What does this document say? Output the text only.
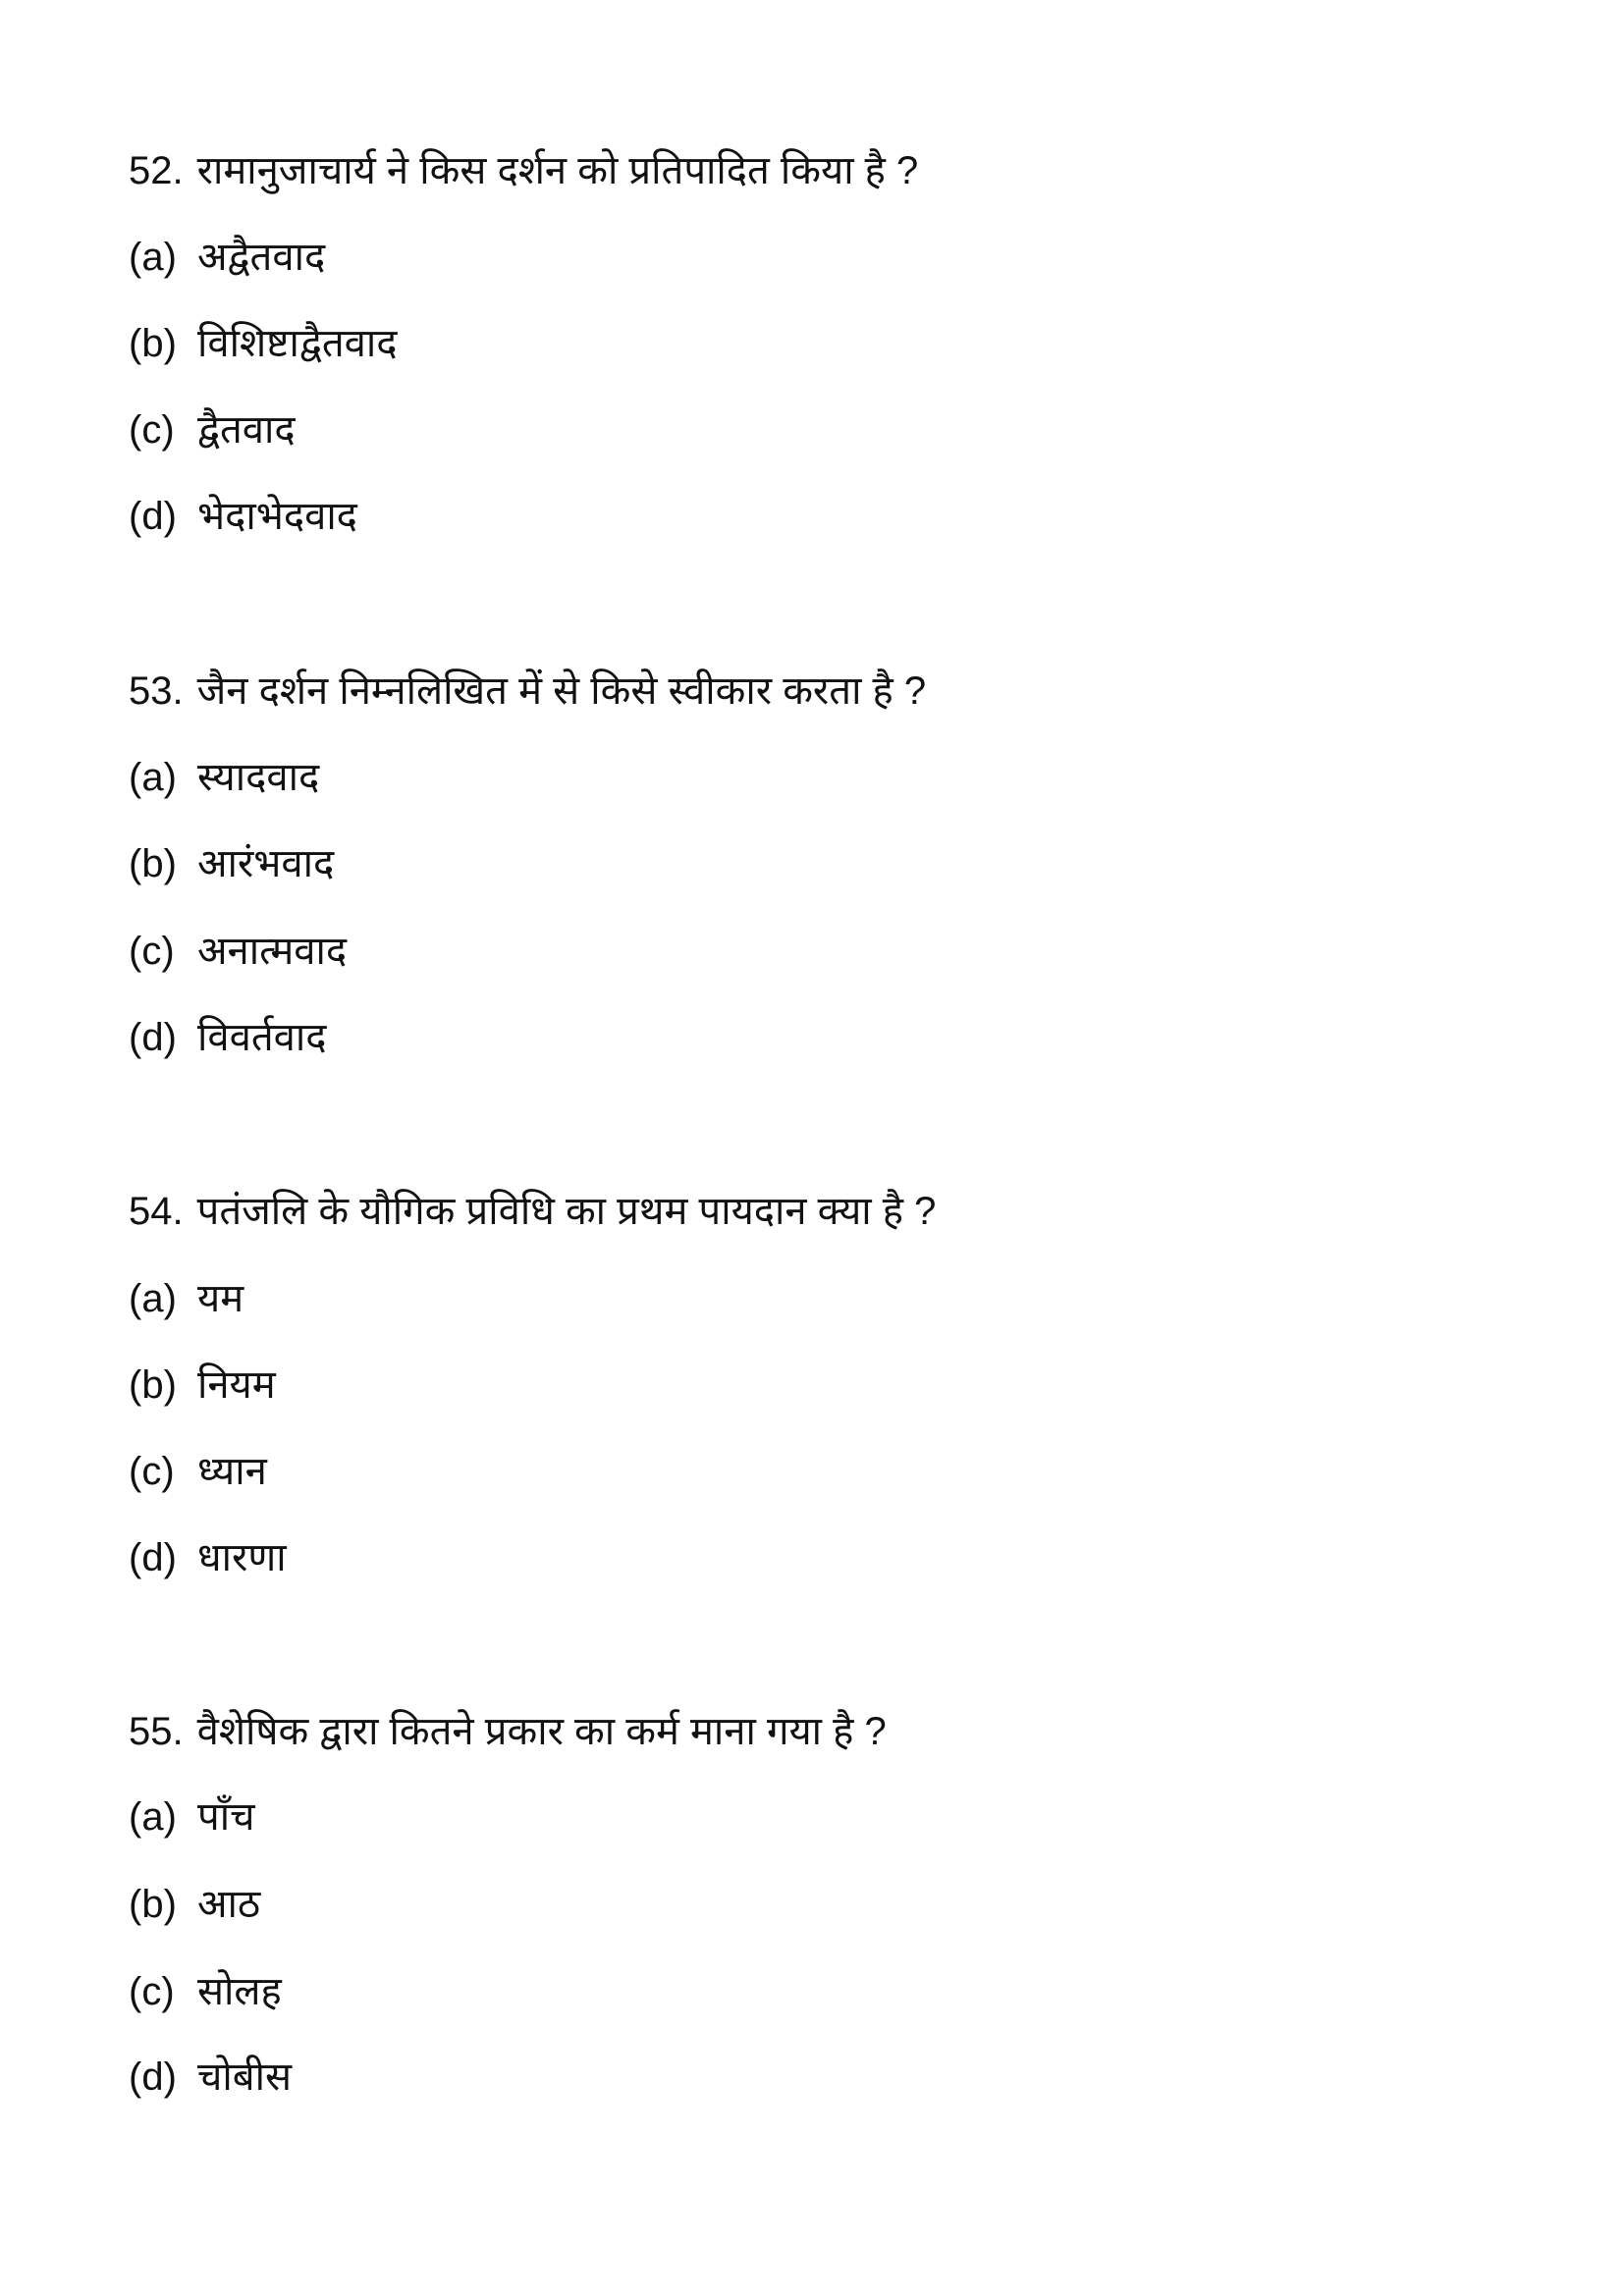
52. रामानुजाचार्य ने किस दर्शन को प्रतिपादित किया है ?
(a) अद्वैतवाद
(b) विशिष्टाद्वैतवाद
(c) द्वैतवाद
(d) भेदाभेदवाद
53. जैन दर्शन निम्नलिखित में से किसे स्वीकार करता है ?
(a) स्यादवाद
(b) आरंभवाद
(c) अनात्मवाद
(d) विवर्तवाद
54. पतंजलि के यौगिक प्रविधि का प्रथम पायदान क्या है ?
(a) यम
(b) नियम
(c) ध्यान
(d) धारणा
55. वैशेषिक द्वारा कितने प्रकार का कर्म माना गया है ?
(a) पाँच
(b) आठ
(c) सोलह
(d) चोबीस
